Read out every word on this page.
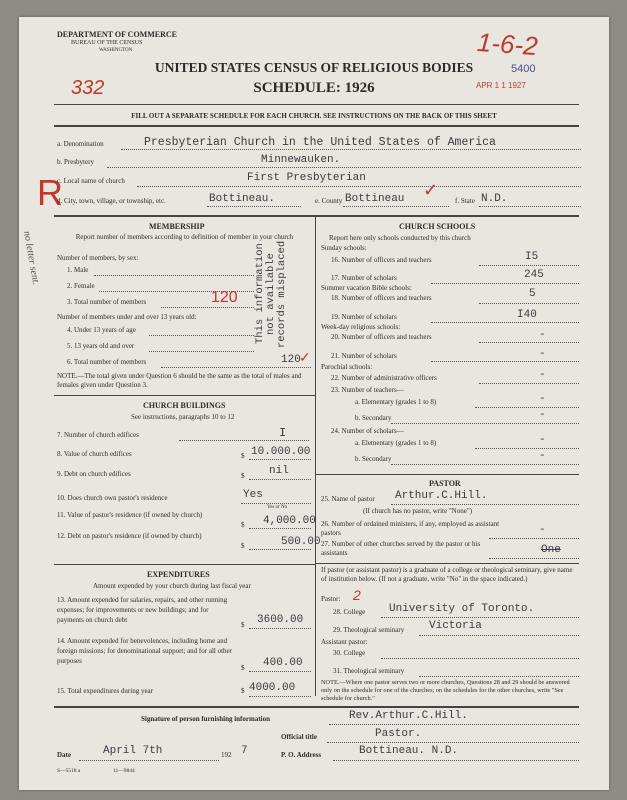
DEPARTMENT OF COMMERCE
BUREAU OF THE CENSUS
WASHINGTON
UNITED STATES CENSUS OF RELIGIOUS BODIES
SCHEDULE: 1926
FILL OUT A SEPARATE SCHEDULE FOR EACH CHURCH. SEE INSTRUCTIONS ON THE BACK OF THIS SHEET
1-6-2
332
5400
APR 1 1 1927
R
no letter sent.
a. Denomination	Presbyterian Church in the United States of America
b. Presbytery	Minnewauken.
c. Local name of church	First Presbyterian
d. City, town, village, or township, etc.	Bottineau.	e. County Bottineau ✓
f. State N.D.
MEMBERSHIP
Report number of members according to definition of member in your church
Number of members, by sex:
1. Male
2. Female
3. Total number of members	120
Number of members under and over 13 years old:
4. Under 13 years of age
5. 13 years old and over
6. Total number of members	120
✓
NOTE.—The total given under Question 6 should be the same as the total of males and females given under Question 3.
This information not available records misplaced
CHURCH BUILDINGS
See instructions, paragraphs 10 to 12
7. Number of church edifices	I
8. Value of church edifices	$ 10.000.00
9. Debt on church edifices	$ nil
10. Does church own pastor's residence	Yes
Yes or No
11. Value of pastor's residence (if owned by church)
$ 4,000.00
12. Debt on pastor's residence (if owned by church)
$	500.00
EXPENDITURES
Amount expended by your church during last fiscal year
13. Amount expended for salaries, repairs, and other running expenses; for improvements or new buildings; and for payments on church debt
$ 3600.00
14. Amount expended for benevolences, including home and foreign missions; for denominational support; and for all other purposes
$ 400.00
15. Total expenditures during year	$ 4000.00
CHURCH SCHOOLS
Report here only schools conducted by this church
Sunday schools:
16. Number of officers and teachers	I5
17. Number of scholars	245
Summer vacation Bible schools:
18. Number of officers and teachers	5
19. Number of scholars	I40
Week-day religious schools:
20. Number of officers and teachers	-
21. Number of scholars	-
Parochial schools:
22. Number of administrative officers	-
23. Number of teachers—
a. Elementary (grades 1 to 8)	-
b. Secondary	-
24. Number of scholars—
a. Elementary (grades 1 to 8)	-
b. Secondary	-
PASTOR
25. Name of pastor Arthur.C.Hill.
(If church has no pastor, write "None")
26. Number of ordained ministers, if any, employed as assistant pastors	-
27. Number of other churches served by the pastor or his assistants	One
If pastor (or assistant pastor) is a graduate of a college or theological seminary, give name of institution below. (If not a graduate, write "No" in the space indicated.)
Pastor: 2
28. College University of Toronto.
29. Theological seminary Victoria
Assistant pastor:
30. College
31. Theological seminary
NOTE.—Where one pastor serves two or more churches, Questions 28 and 29 should be answered only on the schedule for one of the churches; on the schedules for the other churches, write "See schedule for church."
Signature of person furnishing information	Rev.Arthur.C.Hill.
Official title	Pastor.
Date	April 7th	192 7	P. O. Address	Bottineau. N.D.
S—5518 a	11—9844
